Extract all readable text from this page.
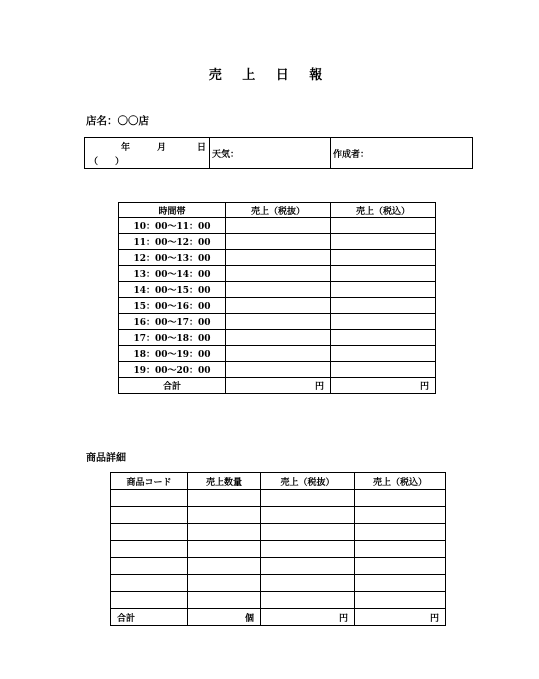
売 上 日 報
店名：〇〇店
年	月	日
（ ）
	天気：	作成者：
時間帯	売上（税抜）	売上（税込）
10：00～11：00		
11：00～12：00		
12：00～13：00		
13：00～14：00		
14：00～15：00		
15：00～16：00		
16：00～17：00		
17：00～18：00		
18：00～19：00		
19：00～20：00		
合計	円	円
商品詳細
商品コード	売上数量	売上（税抜）	売上（税込）

合計	個	円	円
